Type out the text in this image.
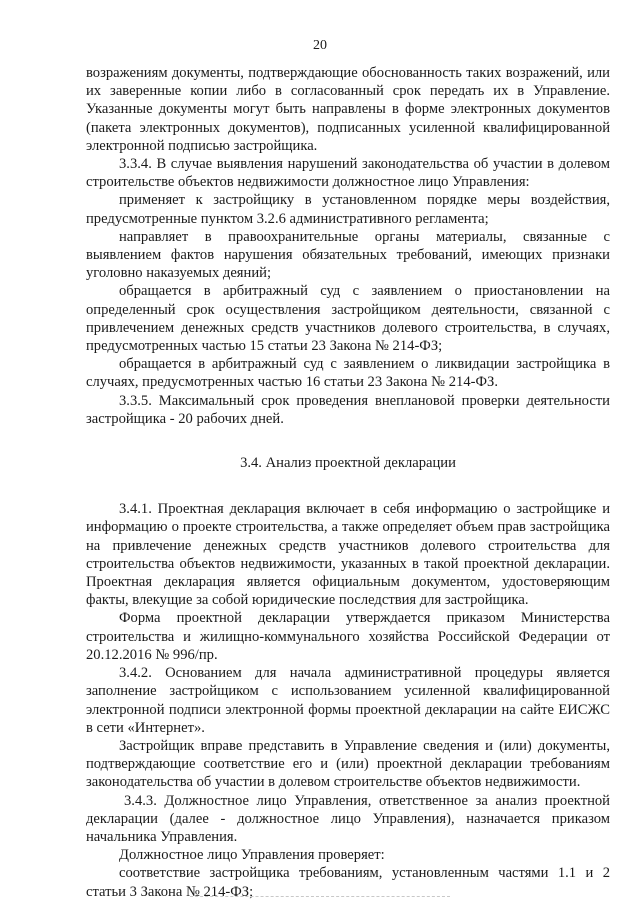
20

возражениям документы, подтверждающие обоснованность таких возражений, или их заверенные копии либо в согласованный срок передать их в Управление. Указанные документы могут быть направлены в форме электронных документов (пакета электронных документов), подписанных усиленной квалифицированной электронной подписью застройщика.

3.3.4. В случае выявления нарушений законодательства об участии в долевом строительстве объектов недвижимости должностное лицо Управления:

применяет к застройщику в установленном порядке меры воздействия, предусмотренные пунктом 3.2.6 административного регламента;

направляет в правоохранительные органы материалы, связанные с выявлением фактов нарушения обязательных требований, имеющих признаки уголовно наказуемых деяний;

обращается в арбитражный суд с заявлением о приостановлении на определенный срок осуществления застройщиком деятельности, связанной с привлечением денежных средств участников долевого строительства, в случаях, предусмотренных частью 15 статьи 23 Закона № 214-ФЗ;

обращается в арбитражный суд с заявлением о ликвидации застройщика в случаях, предусмотренных частью 16 статьи 23 Закона № 214-ФЗ.

3.3.5. Максимальный срок проведения внеплановой проверки деятельности застройщика - 20 рабочих дней.

3.4. Анализ проектной декларации

3.4.1. Проектная декларация включает в себя информацию о застройщике и информацию о проекте строительства, а также определяет объем прав застройщика на привлечение денежных средств участников долевого строительства для строительства объектов недвижимости, указанных в такой проектной декларации. Проектная декларация является официальным документом, удостоверяющим факты, влекущие за собой юридические последствия для застройщика.

Форма проектной декларации утверждается приказом Министерства строительства и жилищно-коммунального хозяйства Российской Федерации от 20.12.2016 № 996/пр.

3.4.2. Основанием для начала административной процедуры является заполнение застройщиком с использованием усиленной квалифицированной электронной подписи электронной формы проектной декларации на сайте ЕИСЖС в сети «Интернет».

Застройщик вправе представить в Управление сведения и (или) документы, подтверждающие соответствие его и (или) проектной декларации требованиям законодательства об участии в долевом строительстве объектов недвижимости.

3.4.3. Должностное лицо Управления, ответственное за анализ проектной декларации (далее - должностное лицо Управления), назначается приказом начальника Управления.

Должностное лицо Управления проверяет:

соответствие застройщика требованиям, установленным частями 1.1 и 2 статьи 3 Закона № 214-ФЗ;
